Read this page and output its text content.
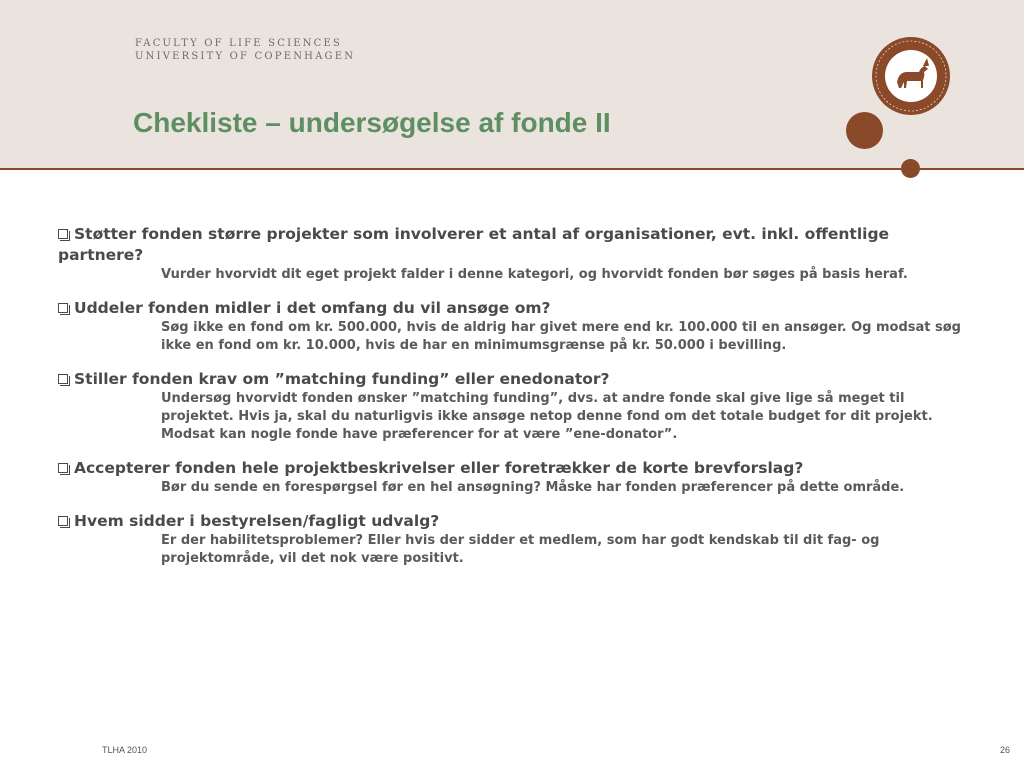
FACULTY OF LIFE SCIENCES
UNIVERSITY OF COPENHAGEN
Chekliste – undersøgelse af fonde II
Støtter fonden større projekter som involverer et antal af organisationer, evt. inkl. offentlige partnere?
Vurder hvorvidt dit eget projekt falder i denne kategori, og hvorvidt fonden bør søges på basis heraf.
Uddeler fonden midler i det omfang du vil ansøge om?
Søg ikke en fond om kr. 500.000, hvis de aldrig har givet mere end kr. 100.000 til en ansøger. Og modsat søg ikke en fond om kr. 10.000, hvis de har en minimumsgrænse på kr. 50.000 i bevilling.
Stiller fonden krav om ”matching funding” eller enedonator?
Undersøg hvorvidt fonden ønsker ”matching funding”, dvs. at andre fonde skal give lige så meget til projektet. Hvis ja, skal du naturligvis ikke ansøge netop denne fond om det totale budget for dit projekt. Modsat kan nogle fonde have præferencer for at være ”ene-donator”.
Accepterer fonden hele projektbeskrivelser eller foretrækker de korte brevforslag?
Bør du sende en forespørgsel før en hel ansøgning? Måske har fonden præferencer på dette område.
Hvem sidder i bestyrelsen/fagligt udvalg?
Er der habilitetsproblemer? Eller hvis der sidder et medlem, som har godt kendskab til dit fag- og projektområde, vil det nok være positivt.
TLHA 2010	26
